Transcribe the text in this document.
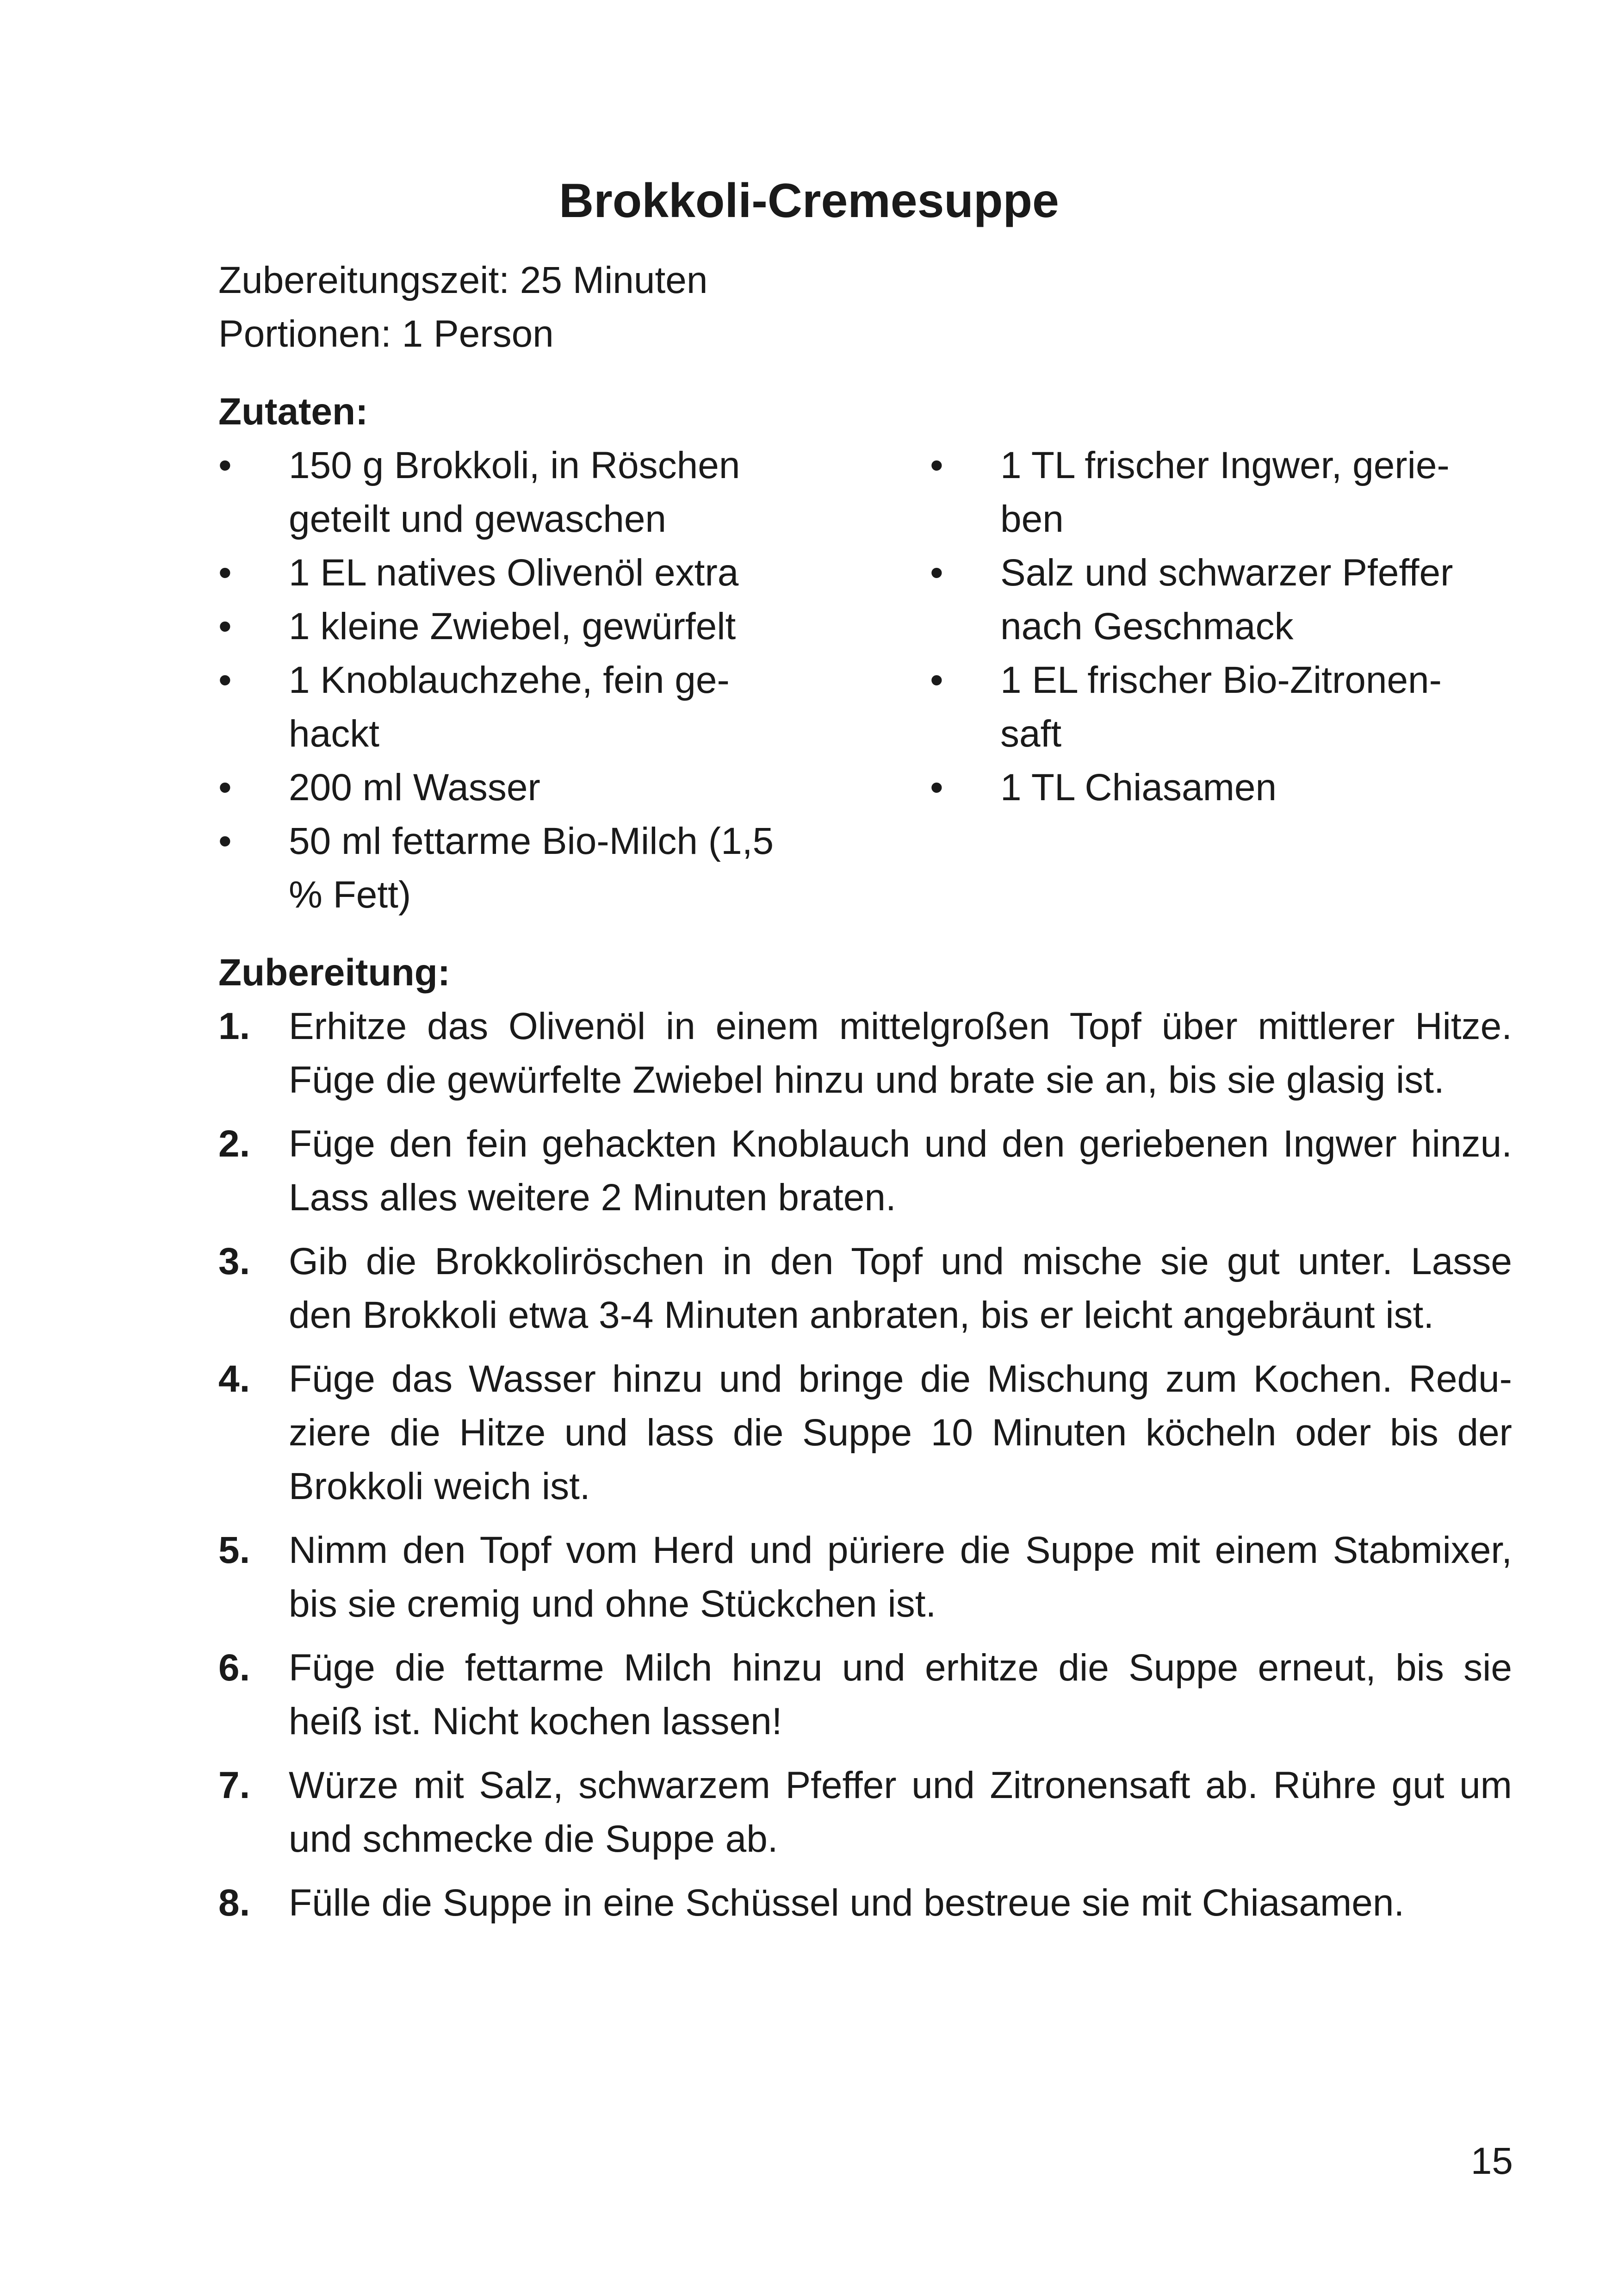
Brokkoli-Cremesuppe
Zubereitungszeit: 25 Minuten
Portionen: 1 Person
Zutaten:
•	150 g Brokkoli, in Röschen
geteilt und gewaschen
•	1 EL natives Olivenöl extra
•	1 kleine Zwiebel, gewürfelt
•	1 Knoblauchzehe, fein ge-
hackt
•	200 ml Wasser
•	50 ml fettarme Bio-Milch (1,5
% Fett)
•	1 TL frischer Ingwer, gerie-
ben
•	Salz und schwarzer Pfeffer
nach Geschmack
•	1 EL frischer Bio-Zitronen-
saft
•	1 TL Chiasamen
Zubereitung:
1. Erhitze das Olivenöl in einem mittelgroßen Topf über mittlerer Hitze.
Füge die gewürfelte Zwiebel hinzu und brate sie an, bis sie glasig ist.
2. Füge den fein gehackten Knoblauch und den geriebenen Ingwer hinzu.
Lass alles weitere 2 Minuten braten.
3. Gib die Brokkoliröschen in den Topf und mische sie gut unter. Lasse
den Brokkoli etwa 3-4 Minuten anbraten, bis er leicht angebräunt ist.
4. Füge das Wasser hinzu und bringe die Mischung zum Kochen. Redu-
ziere die Hitze und lass die Suppe 10 Minuten köcheln oder bis der
Brokkoli weich ist.
5. Nimm den Topf vom Herd und püriere die Suppe mit einem Stabmixer,
bis sie cremig und ohne Stückchen ist.
6. Füge die fettarme Milch hinzu und erhitze die Suppe erneut, bis sie
heiß ist. Nicht kochen lassen!
7. Würze mit Salz, schwarzem Pfeffer und Zitronensaft ab. Rühre gut um
und schmecke die Suppe ab.
8. Fülle die Suppe in eine Schüssel und bestreue sie mit Chiasamen.
15
